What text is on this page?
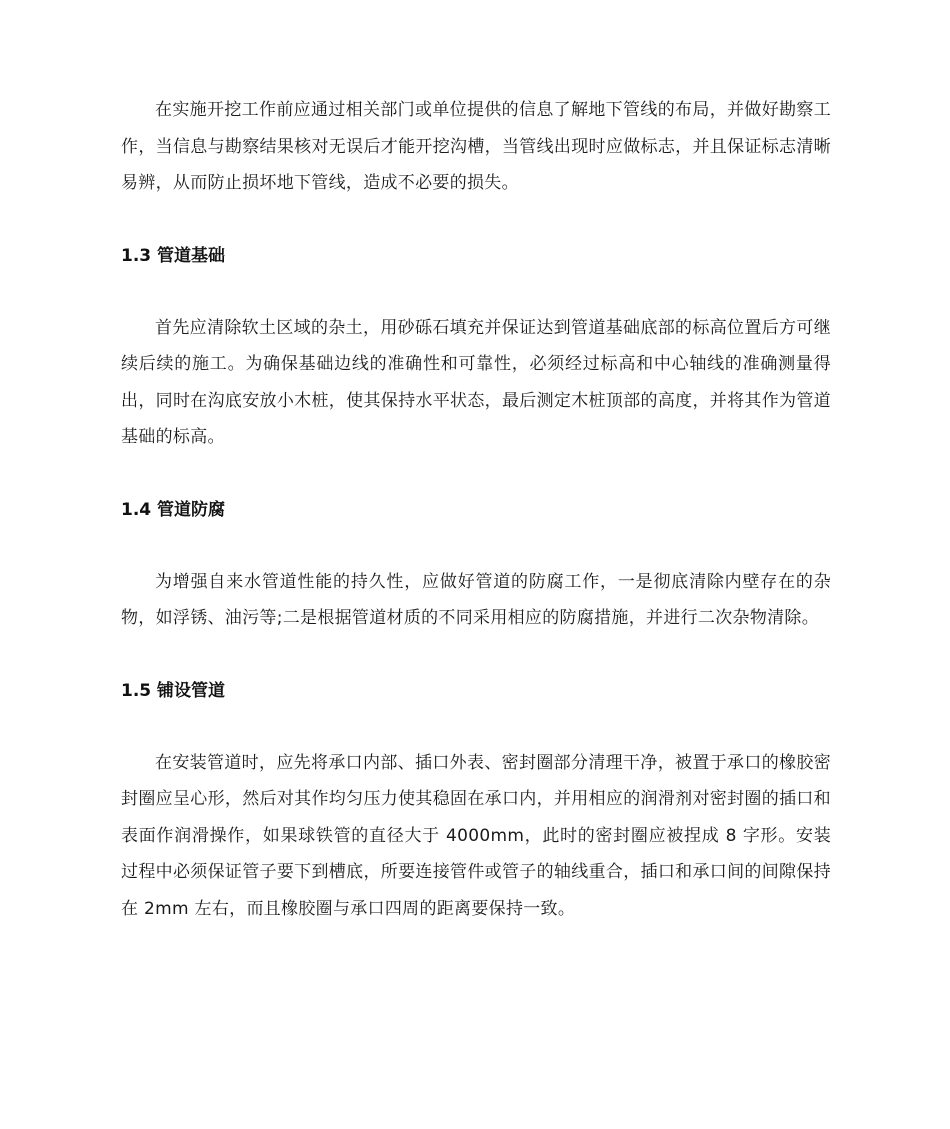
在实施开挖工作前应通过相关部门或单位提供的信息了解地下管线的布局，并做好勘察工作，当信息与勘察结果核对无误后才能开挖沟槽，当管线出现时应做标志，并且保证标志清晰易辨，从而防止损坏地下管线，造成不必要的损失。

1.3 管道基础

首先应清除软土区域的杂土，用砂砾石填充并保证达到管道基础底部的标高位置后方可继续后续的施工。为确保基础边线的准确性和可靠性，必须经过标高和中心轴线的准确测量得出，同时在沟底安放小木桩，使其保持水平状态，最后测定木桩顶部的高度，并将其作为管道基础的标高。

1.4 管道防腐

为增强自来水管道性能的持久性，应做好管道的防腐工作，一是彻底清除内壁存在的杂物，如浮锈、油污等;二是根据管道材质的不同采用相应的防腐措施，并进行二次杂物清除。

1.5 铺设管道

在安装管道时，应先将承口内部、插口外表、密封圈部分清理干净，被置于承口的橡胶密封圈应呈心形，然后对其作均匀压力使其稳固在承口内，并用相应的润滑剂对密封圈的插口和表面作润滑操作，如果球铁管的直径大于 4000mm，此时的密封圈应被捏成 8 字形。安装过程中必须保证管子要下到槽底，所要连接管件或管子的轴线重合，插口和承口间的间隙保持在 2mm 左右，而且橡胶圈与承口四周的距离要保持一致。
